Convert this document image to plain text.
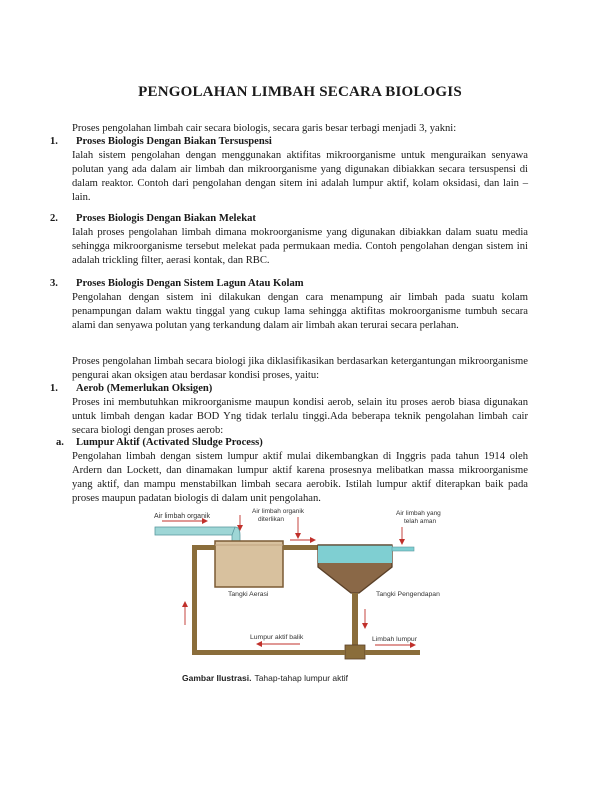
PENGOLAHAN LIMBAH SECARA BIOLOGIS

Proses pengolahan limbah cair secara biologis, secara garis besar terbagi menjadi 3, yakni:

1. Proses Biologis Dengan Biakan Tersuspensi

Ialah sistem pengolahan dengan menggunakan aktifitas mikroorganisme untuk menguraikan senyawa polutan yang ada dalam air limbah dan mikroorganisme yang digunakan dibiakkan secara tersuspensi di dalam reaktor. Contoh dari pengolahan dengan sitem ini adalah lumpur aktif, kolam oksidasi, dan lain – lain.

2. Proses Biologis Dengan Biakan Melekat

Ialah proses pengolahan limbah dimana mokroorganisme yang digunakan dibiakkan dalam suatu media sehingga mikroorganisme tersebut melekat pada permukaan media. Contoh pengolahan dengan sistem ini adalah trickling filter, aerasi kontak, dan RBC.

3. Proses Biologis Dengan Sistem Lagun Atau Kolam

Pengolahan dengan sistem ini dilakukan dengan cara menampung air limbah pada suatu kolam penampungan dalam waktu tinggal yang cukup lama sehingga aktifitas mokroorganisme tumbuh secara alami dan senyawa polutan yang terkandung dalam air limbah akan terurai secara perlahan.

Proses pengolahan limbah secara biologi jika diklasifikasikan berdasarkan ketergantungan mikroorganisme pengurai akan oksigen atau berdasar kondisi proses, yaitu:

1. Aerob (Memerlukan Oksigen)

Proses ini membutuhkan mikroorganisme maupun kondisi aerob, selain itu proses aerob biasa digunakan untuk limbah dengan kadar BOD Yng tidak terlalu tinggi.Ada beberapa teknik pengolahan limbah cair secara biologi dengan proses aerob:

a. Lumpur Aktif (Activated Sludge Process)

Pengolahan limbah dengan sistem lumpur aktif mulai dikembangkan di Inggris pada tahun 1914 oleh Ardern dan Lockett, dan dinamakan lumpur aktif karena prosesnya melibatkan massa mikroorganisme yang aktif, dan mampu menstabilkan limbah secara aerobik. Istilah lumpur aktif diterapkan baik pada proses maupun padatan biologis di dalam unit pengolahan.

Air limbah organik
Air limbah organik
diterlikan
Air limbah yang
telah aman
Tangki Aerasi	Tangki Pengendapan
Lumpur aktif balik	Limbah lumpur
Gambar Ilustrasi. Tahap-tahap lumpur aktif
